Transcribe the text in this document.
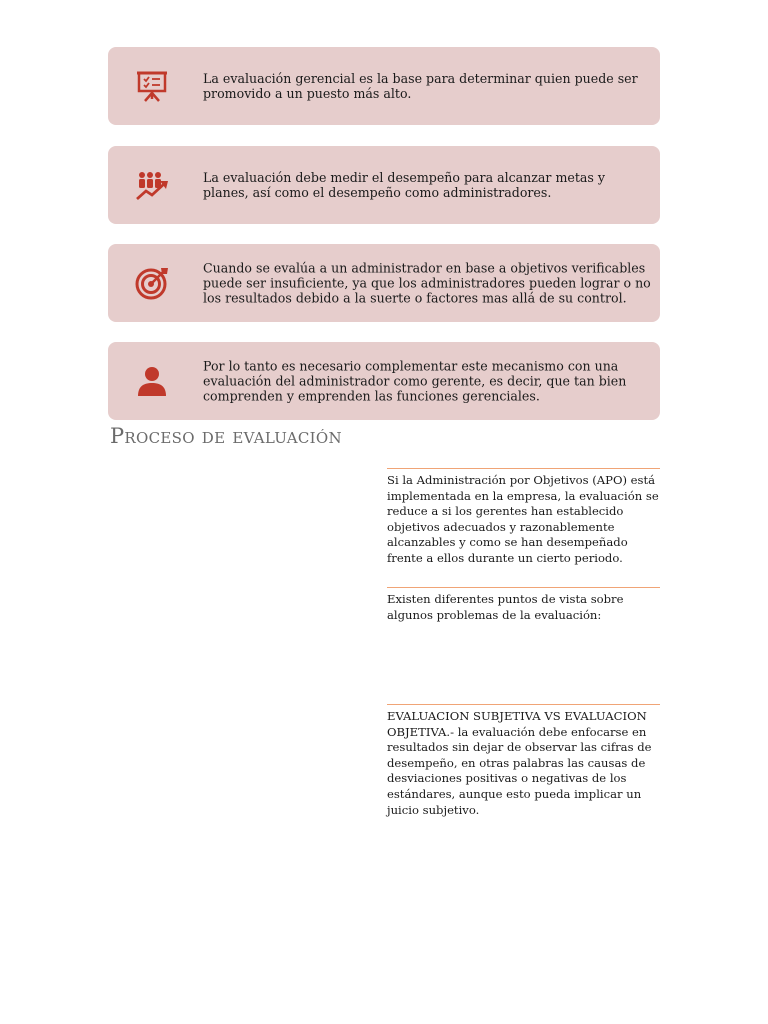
La evaluación gerencial es la base para determinar quien puede ser promovido a un puesto más alto.
La evaluación debe medir el desempeño para alcanzar metas y planes, así como el desempeño como administradores.
Cuando se evalúa a un administrador en base a objetivos verificables puede ser insuficiente, ya que los administradores pueden lograr o no los resultados debido a la suerte o factores mas allá de su control.
Por lo tanto es necesario complementar este mecanismo con una evaluación del administrador como gerente, es decir, que tan bien comprenden y emprenden las funciones gerenciales.
Proceso de evaluación
Si la Administración por Objetivos (APO) está implementada en la empresa, la evaluación se reduce a si los gerentes han establecido objetivos adecuados y razonablemente alcanzables y como se han desempeñado frente a ellos durante un cierto periodo.
Existen diferentes puntos de vista sobre algunos problemas de la evaluación:
EVALUACION SUBJETIVA VS EVALUACION OBJETIVA.- la evaluación debe enfocarse en resultados sin dejar de observar las cifras de desempeño, en otras palabras las causas de desviaciones positivas o negativas de los estándares, aunque esto pueda implicar un juicio subjetivo.
